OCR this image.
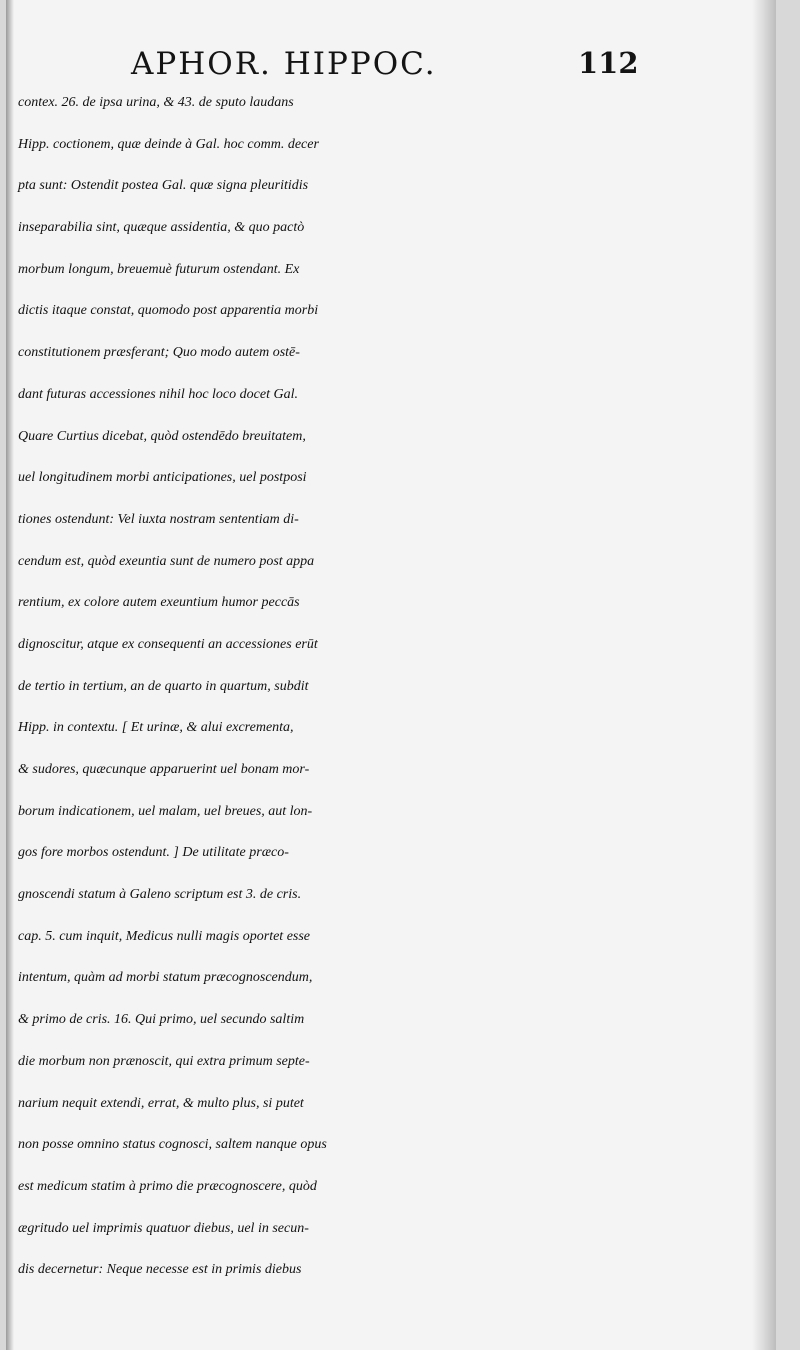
APHOR. HIPPOC.	112
contex. 26. de ipsa urina, & 43. de sputo laudans
Hipp. coctionem, quæ deinde à Gal. hoc comm. decer
pta sunt: Ostendit postea Gal. quæ signa pleuritidis
inseparabilia sint, quæque assidentia, & quo pactò
morbum longum, breuemuè futurum ostendant. Ex
dictis itaque constat, quomodo post apparentia morbi
constitutionem præsferant; Quo modo autem ostē-
dant futuras accessiones nihil hoc loco docet Gal.
Quare Curtius dicebat, quòd ostendēdo breuitatem,
uel longitudinem morbi anticipationes, uel postposi
tiones ostendunt: Vel iuxta nostram sententiam di-
cendum est, quòd exeuntia sunt de numero post appa
rentium, ex colore autem exeuntium humor peccās
dignoscitur, atque ex consequenti an accessiones erūt
de tertio in tertium, an de quarto in quartum, subdit
Hipp. in contextu. [ Et urinæ, & alui excrementa,
& sudores, quæcunque apparuerint uel bonam mor-
borum indicationem, uel malam, uel breues, aut lon-
gos fore morbos ostendunt. ] De utilitate præco-
gnoscendi statum à Galeno scriptum est 3. de cris.
cap. 5. cum inquit, Medicus nulli magis oportet esse
intentum, quàm ad morbi statum præcognoscendum,
& primo de cris. 16. Qui primo, uel secundo saltim
die morbum non prænoscit, qui extra primum septe-
narium nequit extendi, errat, & multo plus, si putet
non posse omnino status cognosci, saltem nanque opus
est medicum statim à primo die præcognoscere, quòd
ægritudo uel imprimis quatuor diebus, uel in secun-
dis decernetur: Neque necesse est in primis diebus
